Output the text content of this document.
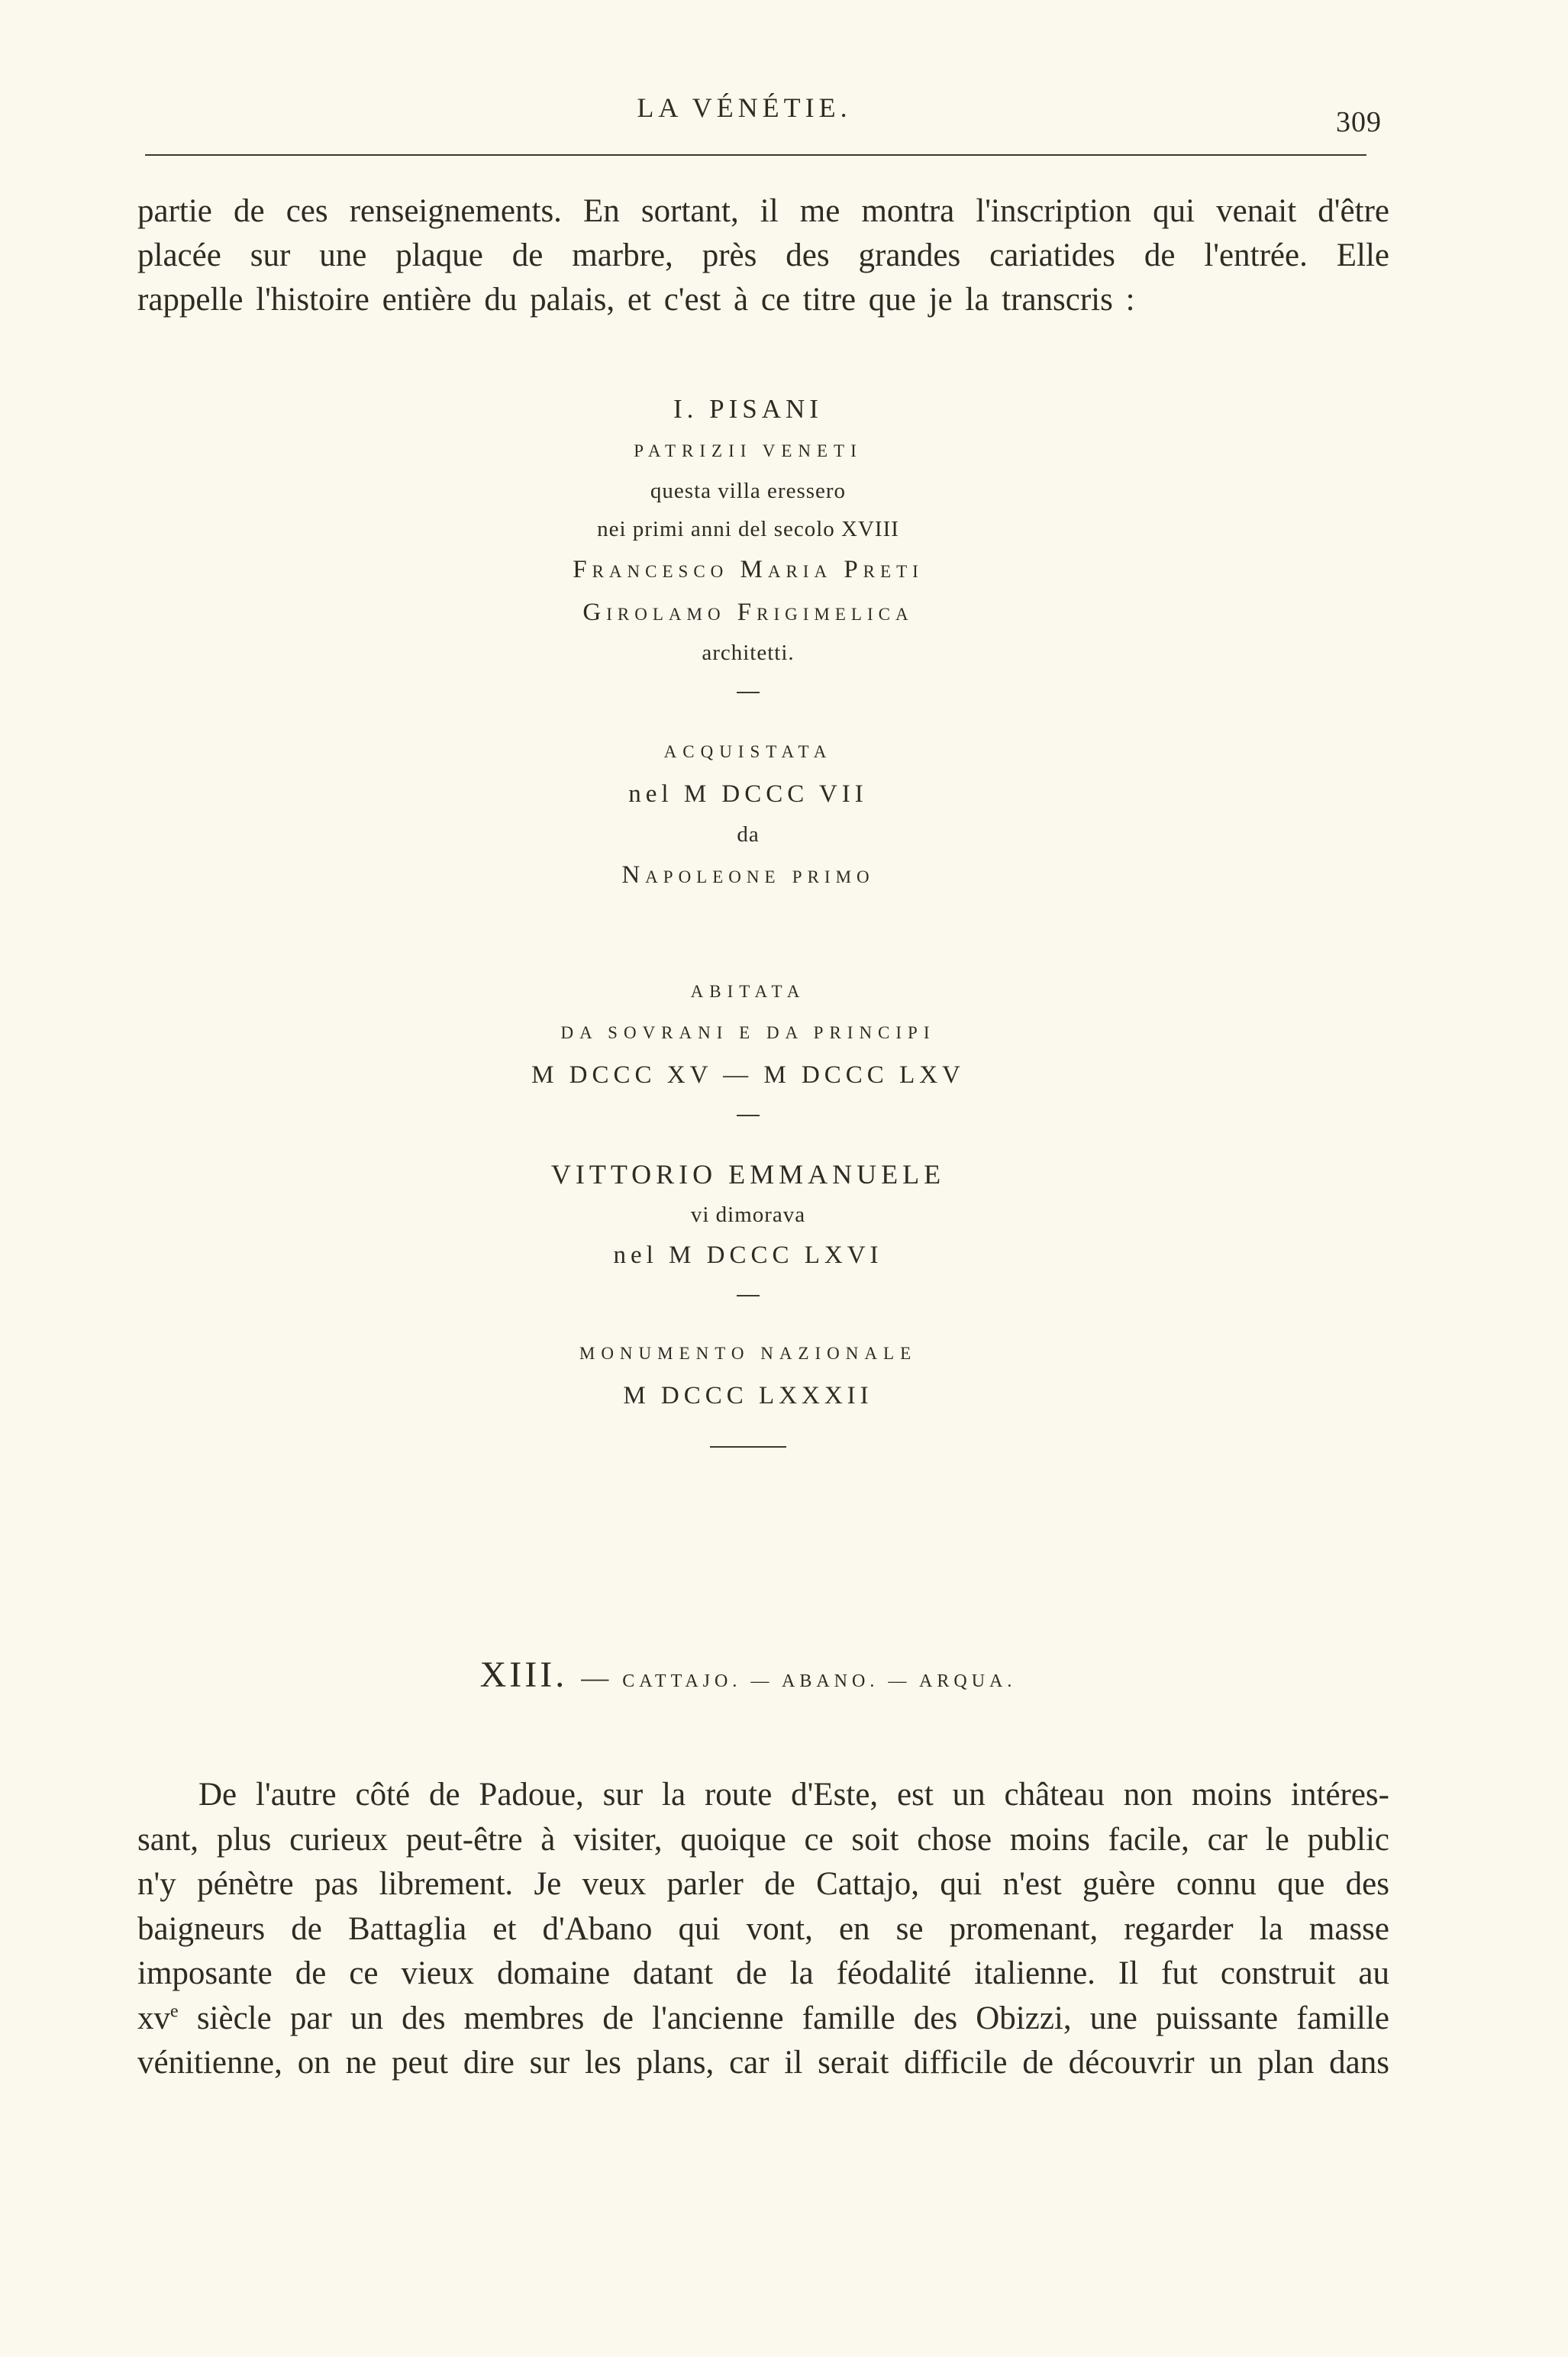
LA VÉNÉTIE.	309
partie de ces renseignements. En sortant, il me montra l'inscription qui venait d'être
placée sur une plaque de marbre, près des grandes cariatides de l'entrée. Elle
rappelle l'histoire entière du palais, et c'est à ce titre que je la transcris :
I. PISANI
PATRIZII VENETI
questa villa eressero
nei primi anni del secolo XVIII
Francesco Maria Preti
Girolamo Frigimelica
architetti.
ACQUISTATA
nel M DCCC VII
da
Napoleone primo
ABITATA
DA SOVRANI E DA PRINCIPI
M DCCC XV — M DCCC LXV
VITTORIO EMMANUELE
vi dimorava
nel M DCCC LXVI
MONUMENTO NAZIONALE
M DCCC LXXXII
XIII. — CATTAJO. — ABANO. — ARQUA.
De l'autre côté de Padoue, sur la route d'Este, est un château non moins intéres-
sant, plus curieux peut-être à visiter, quoique ce soit chose moins facile, car le public
n'y pénètre pas librement. Je veux parler de Cattajo, qui n'est guère connu que des
baigneurs de Battaglia et d'Abano qui vont, en se promenant, regarder la masse
imposante de ce vieux domaine datant de la féodalité italienne. Il fut construit au
$xv^e$ siècle par un des membres de l'ancienne famille des Obizzi, une puissante famille
vénitienne, on ne peut dire sur les plans, car il serait difficile de découvrir un plan dans
